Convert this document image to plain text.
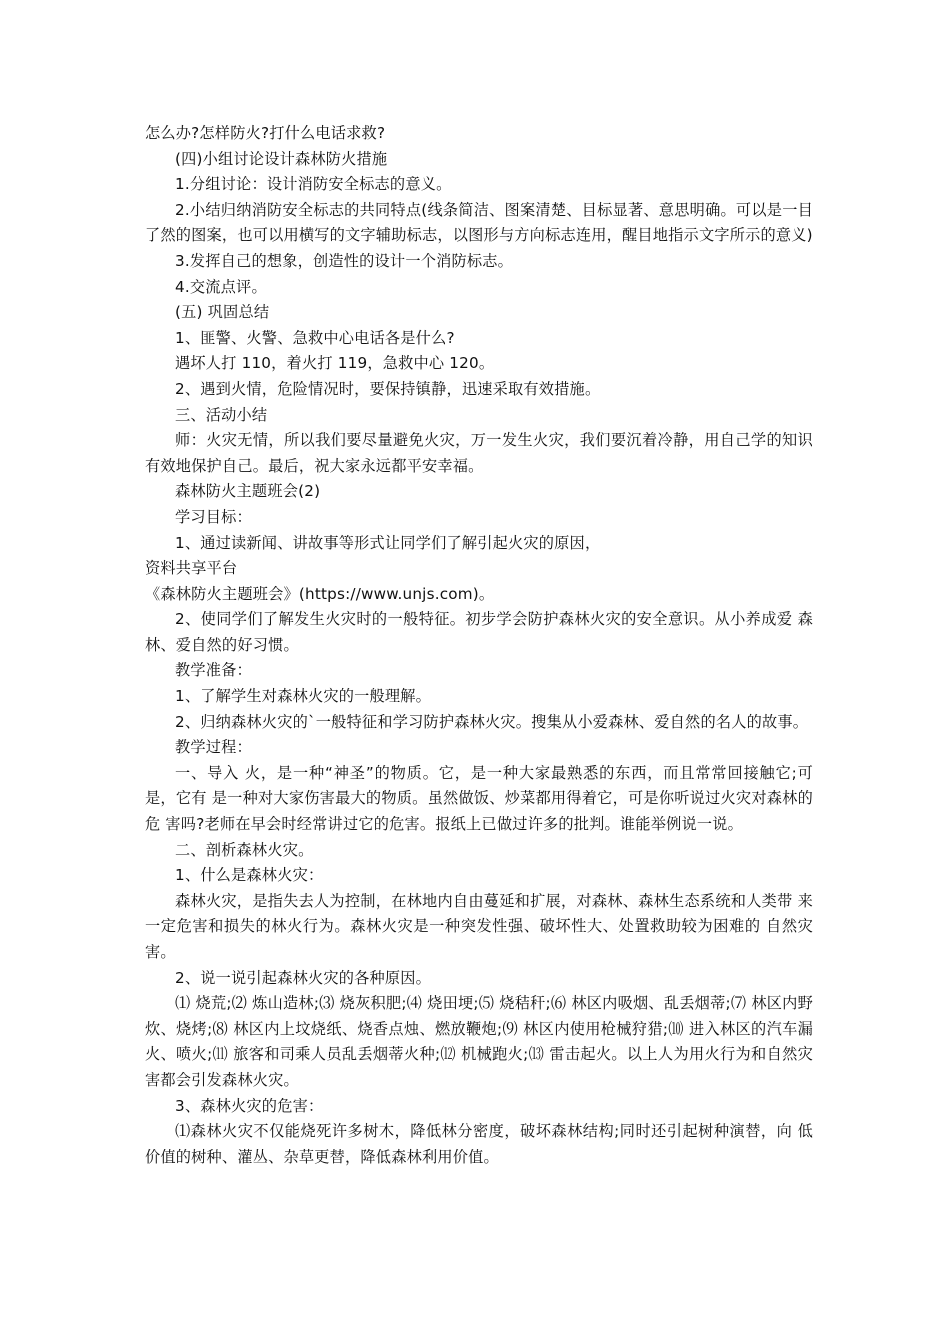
怎么办?怎样防火?打什么电话求救?

(四)小组讨论设计森林防火措施

1.分组讨论：设计消防安全标志的意义。

2.小结归纳消防安全标志的共同特点(线条简洁、图案清楚、目标显著、意思明确。可以是一目了然的图案，也可以用横写的文字辅助标志，以图形与方向标志连用，醒目地指示文字所示的意义)

3.发挥自己的想象，创造性的设计一个消防标志。

4.交流点评。

(五) 巩固总结

1、匪警、火警、急救中心电话各是什么?

遇坏人打 110，着火打 119，急救中心 120。

2、遇到火情，危险情况时，要保持镇静，迅速采取有效措施。

三、活动小结

师：火灾无情，所以我们要尽量避免火灾，万一发生火灾，我们要沉着冷静，用自己学的知识有效地保护自己。最后，祝大家永远都平安幸福。

森林防火主题班会(2)

学习目标：

1、通过读新闻、讲故事等形式让同学们了解引起火灾的原因，

资料共享平台

《森林防火主题班会》(https://www.unjs.com)。

2、使同学们了解发生火灾时的一般特征。初步学会防护森林火灾的安全意识。从小养成爱 森林、爱自然的好习惯。

教学准备：

1、了解学生对森林火灾的一般理解。

2、归纳森林火灾的`一般特征和学习防护森林火灾。搜集从小爱森林、爱自然的名人的故事。

教学过程：

一、导入 火，是一种“神圣”的物质。它，是一种大家最熟悉的东西，而且常常回接触它;可是，它有 是一种对大家伤害最大的物质。虽然做饭、炒菜都用得着它，可是你听说过火灾对森林的危 害吗?老师在早会时经常讲过它的危害。报纸上已做过许多的批判。谁能举例说一说。

二、剖析森林火灾。

1、什么是森林火灾：

森林火灾，是指失去人为控制，在林地内自由蔓延和扩展，对森林、森林生态系统和人类带 来一定危害和损失的林火行为。森林火灾是一种突发性强、破坏性大、处置救助较为困难的 自然灾害。

2、说一说引起森林火灾的各种原因。

⑴ 烧荒;⑵ 炼山造林;⑶ 烧灰积肥;⑷ 烧田埂;⑸ 烧秸秆;⑹ 林区内吸烟、乱丢烟蒂;⑺ 林区内野炊、烧烤;⑻ 林区内上坟烧纸、烧香点烛、燃放鞭炮;⑼ 林区内使用枪械狩猎;⑽ 进入林区的汽车漏火、喷火;⑾ 旅客和司乘人员乱丢烟蒂火种;⑿ 机械跑火;⒀ 雷击起火。以上人为用火行为和自然灾害都会引发森林火灾。

3、森林火灾的危害：

⑴森林火灾不仅能烧死许多树木，降低林分密度，破坏森林结构;同时还引起树种演替，向 低价值的树种、灌丛、杂草更替，降低森林利用价值。
